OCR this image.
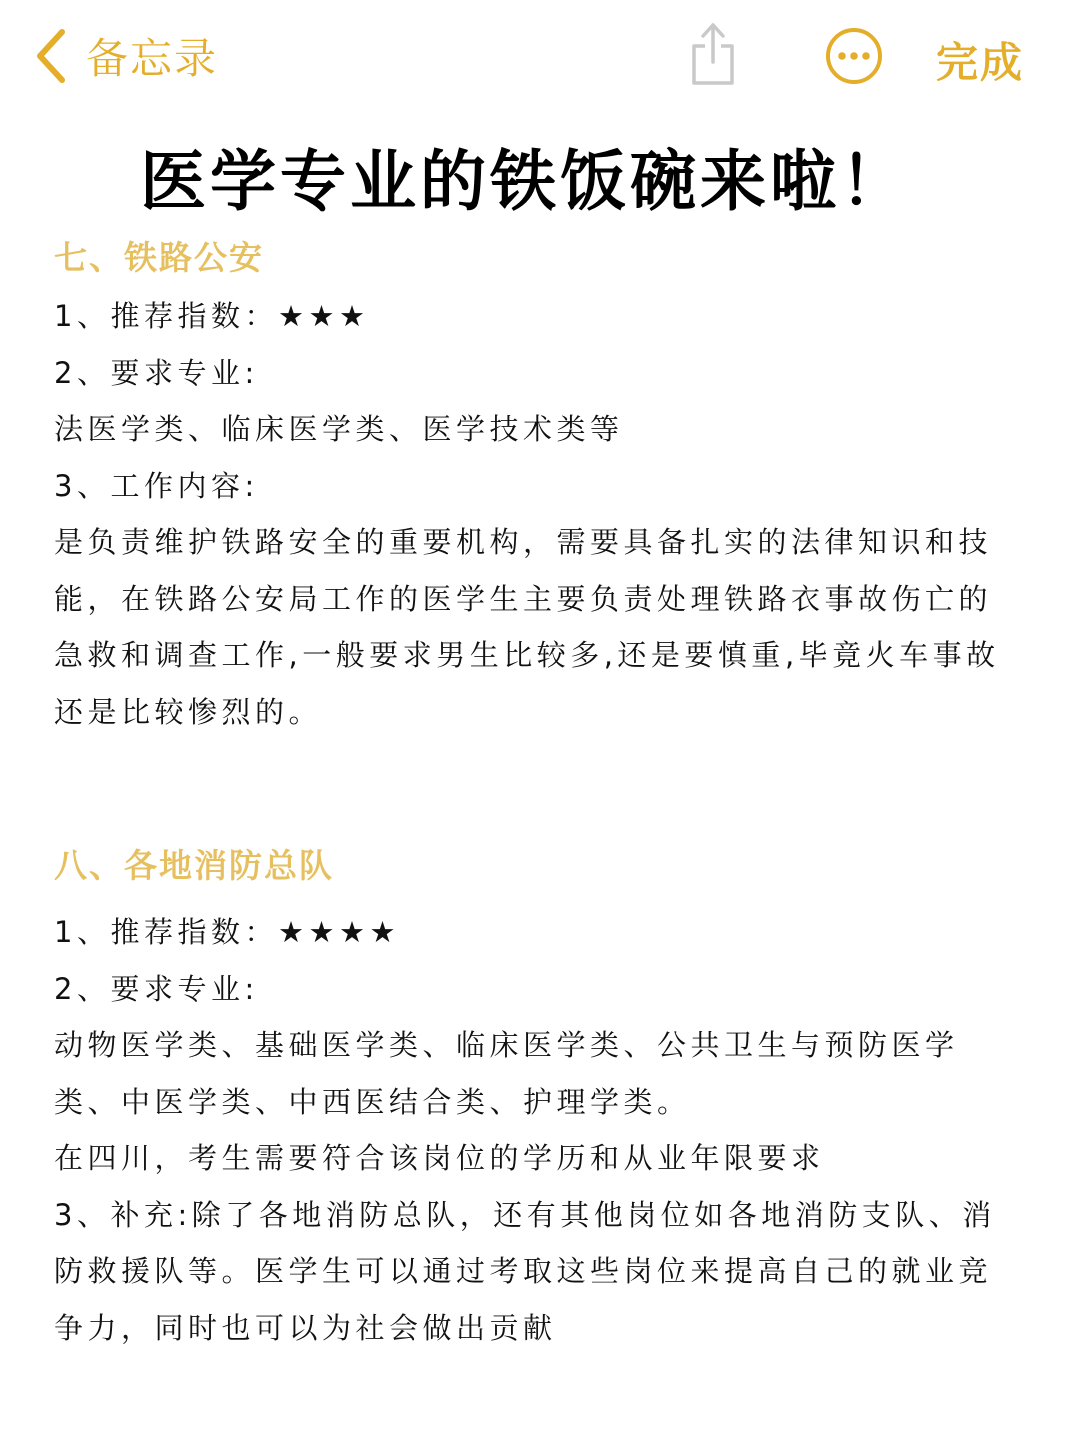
备忘录	完成
医学专业的铁饭碗来啦！
七、铁路公安
1、推荐指数：★★★
2、要求专业:
法医学类、临床医学类、医学技术类等
3、工作内容:
是负责维护铁路安全的重要机构，需要具备扎实的法律知识和技能，在铁路公安局工作的医学生主要负责处理铁路衣事故伤亡的急救和调查工作,一般要求男生比较多,还是要慎重,毕竟火车事故还是比较惨烈的。
八、各地消防总队
1、推荐指数：★★★★
2、要求专业:
动物医学类、基础医学类、临床医学类、公共卫生与预防医学类、中医学类、中西医结合类、护理学类。
在四川，考生需要符合该岗位的学历和从业年限要求
3、补充:除了各地消防总队，还有其他岗位如各地消防支队、消防救援队等。医学生可以通过考取这些岗位来提高自己的就业竞争力，同时也可以为社会做出贡献
